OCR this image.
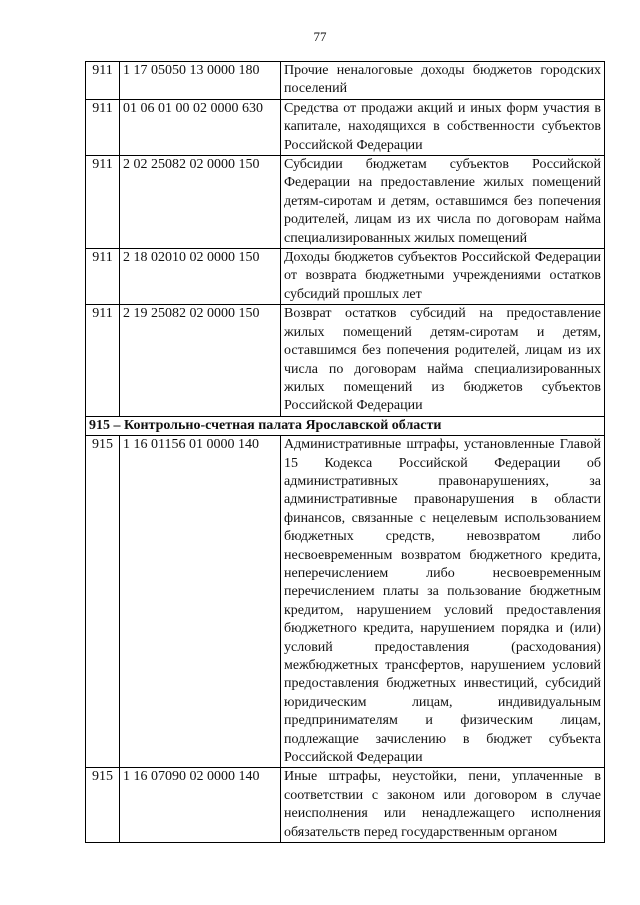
77
911	1 17 05050 13 0000 180	Прочие неналоговые доходы бюджетов городских поселений
911	01 06 01 00 02 0000 630	Средства от продажи акций и иных форм участия в капитале, находящихся в собственности субъектов Российской Федерации
911	2 02 25082 02 0000 150	Субсидии бюджетам субъектов Российской Федерации на предоставление жилых помещений детям-сиротам и детям, оставшимся без попечения родителей, лицам из их числа по договорам найма специализированных жилых помещений
911	2 18 02010 02 0000 150	Доходы бюджетов субъектов Российской Федерации от возврата бюджетными учреждениями остатков субсидий прошлых лет
911	2 19 25082 02 0000 150	Возврат остатков субсидий на предоставление жилых помещений детям-сиротам и детям, оставшимся без попечения родителей, лицам из их числа по договорам найма специализированных жилых помещений из бюджетов субъектов Российской Федерации
915 – Контрольно-счетная палата Ярославской области		
915	1 16 01156 01 0000 140	Административные штрафы, установленные Главой 15 Кодекса Российской Федерации об административных правонарушениях, за административные правонарушения в области финансов, связанные с нецелевым использованием бюджетных средств, невозвратом либо несвоевременным возвратом бюджетного кредита, неперечислением либо несвоевременным перечислением платы за пользование бюджетным кредитом, нарушением условий предоставления бюджетного кредита, нарушением порядка и (или) условий предоставления (расходования) межбюджетных трансфертов, нарушением условий предоставления бюджетных инвестиций, субсидий юридическим лицам, индивидуальным предпринимателям и физическим лицам, подлежащие зачислению в бюджет субъекта Российской Федерации
915	1 16 07090 02 0000 140	Иные штрафы, неустойки, пени, уплаченные в соответствии с законом или договором в случае неисполнения или ненадлежащего исполнения обязательств перед государственным органом
